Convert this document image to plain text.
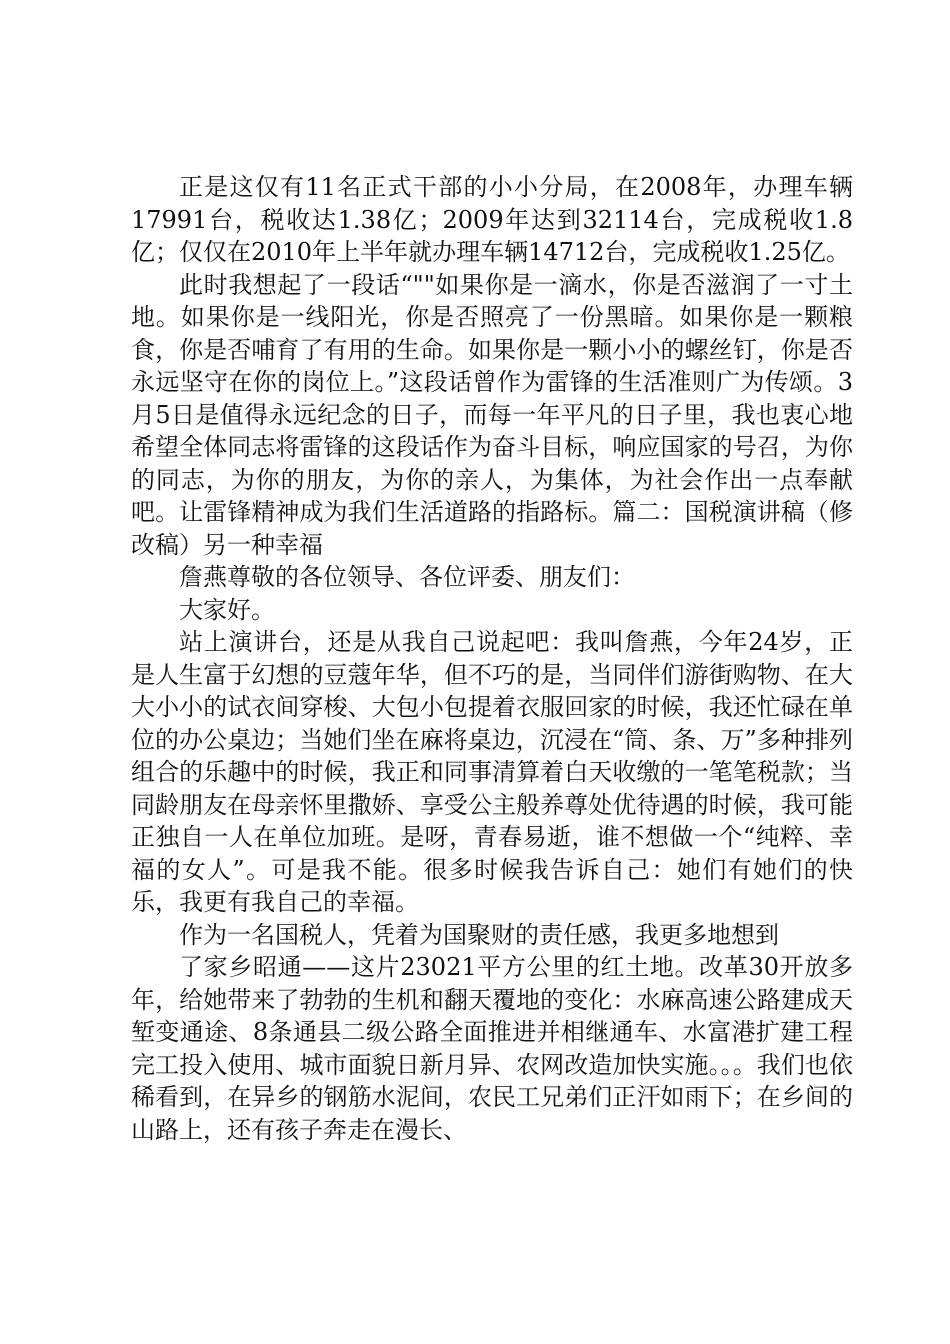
正是这仅有11名正式干部的小小分局，在2008年，办理车辆17991台，税收达1.38亿；2009年达到32114台，完成税收1.8亿；仅仅在2010年上半年就办理车辆14712台，完成税收1.25亿。

此时我想起了一段话“""如果你是一滴水，你是否滋润了一寸土地。如果你是一线阳光，你是否照亮了一份黑暗。如果你是一颗粮食，你是否哺育了有用的生命。如果你是一颗小小的螺丝钉，你是否永远坚守在你的岗位上。”这段话曾作为雷锋的生活准则广为传颂。3月5日是值得永远纪念的日子，而每一年平凡的日子里，我也衷心地希望全体同志将雷锋的这段话作为奋斗目标，响应国家的号召，为你的同志，为你的朋友，为你的亲人，为集体，为社会作出一点奉献吧。让雷锋精神成为我们生活道路的指路标。篇二：国税演讲稿（修改稿）另一种幸福

詹燕尊敬的各位领导、各位评委、朋友们：

大家好。

站上演讲台，还是从我自己说起吧：我叫詹燕，今年24岁，正是人生富于幻想的豆蔻年华，但不巧的是，当同伴们游街购物、在大大小小的试衣间穿梭、大包小包提着衣服回家的时候，我还忙碌在单位的办公桌边；当她们坐在麻将桌边，沉浸在“筒、条、万”多种排列组合的乐趣中的时候，我正和同事清算着白天收缴的一笔笔税款；当同龄朋友在母亲怀里撒娇、享受公主般养尊处优待遇的时候，我可能正独自一人在单位加班。是呀，青春易逝，谁不想做一个“纯粹、幸福的女人”。可是我不能。很多时候我告诉自己：她们有她们的快乐，我更有我自己的幸福。

作为一名国税人，凭着为国聚财的责任感，我更多地想到

了家乡昭通——这片23021平方公里的红土地。改革30开放多年，给她带来了勃勃的生机和翻天覆地的变化：水麻高速公路建成天堑变通途、8条通县二级公路全面推进并相继通车、水富港扩建工程完工投入使用、城市面貌日新月异、农网改造加快实施。。。我们也依稀看到，在异乡的钢筋水泥间，农民工兄弟们正汗如雨下；在乡间的山路上，还有孩子奔走在漫长、
